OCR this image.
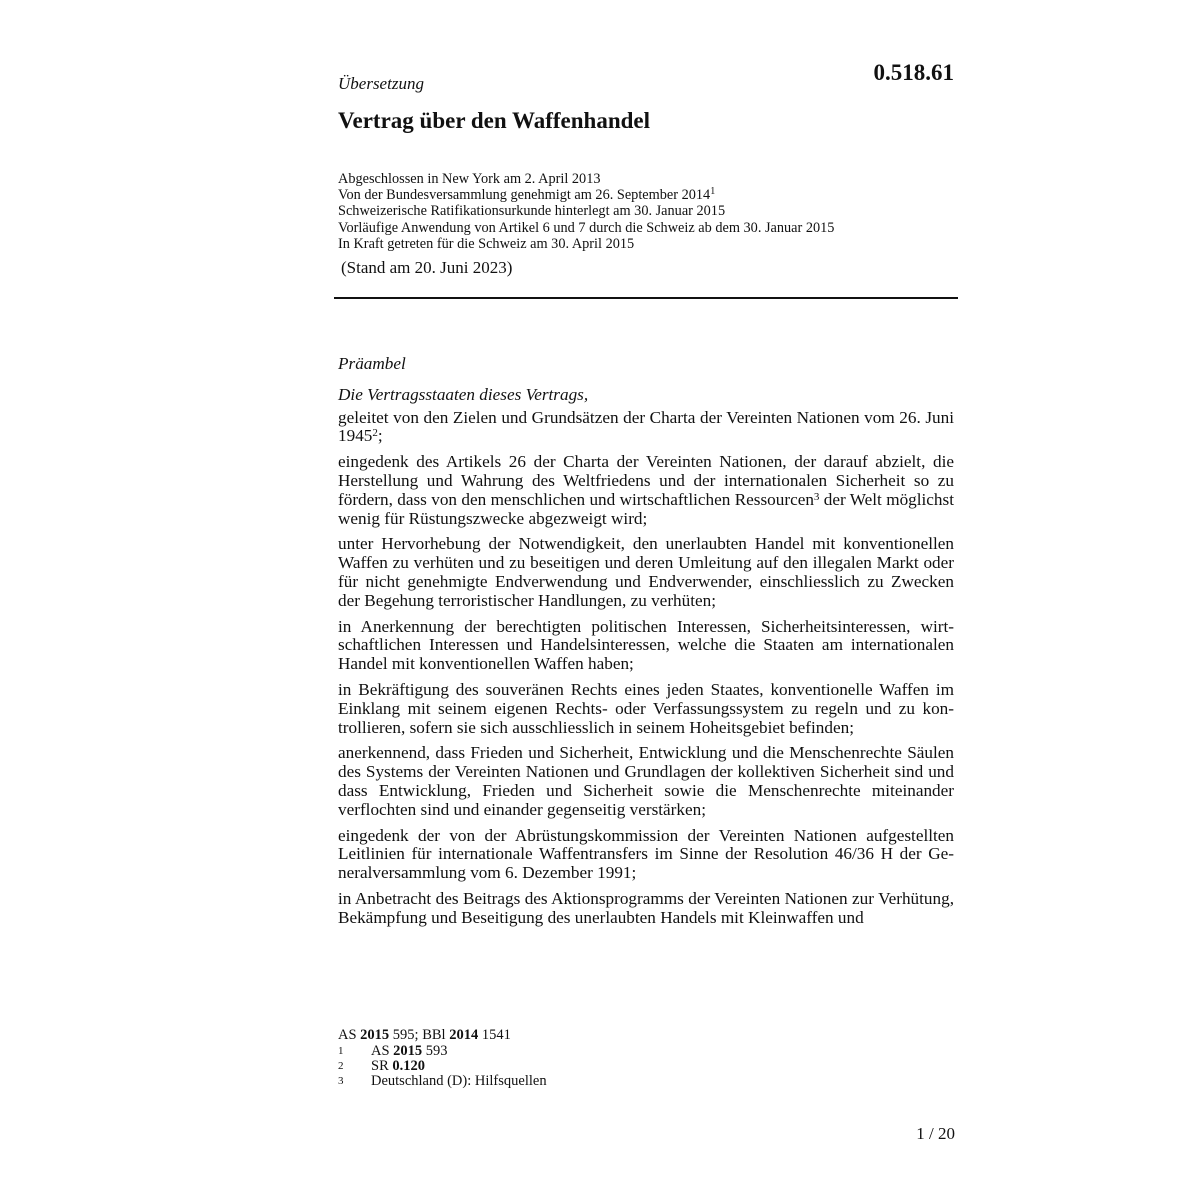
Übersetzung	0.518.61
Vertrag über den Waffenhandel
Abgeschlossen in New York am 2. April 2013
Von der Bundesversammlung genehmigt am 26. September 2014$^1$
Schweizerische Ratifikationsurkunde hinterlegt am 30. Januar 2015
Vorläufige Anwendung von Artikel 6 und 7 durch die Schweiz ab dem 30. Januar 2015
In Kraft getreten für die Schweiz am 30. April 2015
(Stand am 20. Juni 2023)
Präambel
Die Vertragsstaaten dieses Vertrags,

geleitet von den Zielen und Grundsätzen der Charta der Vereinten Nationen vom 26. Juni 1945$^2$;

eingedenk des Artikels 26 der Charta der Vereinten Nationen, der darauf abzielt, die Herstellung und Wahrung des Weltfriedens und der internationalen Sicherheit so zu fördern, dass von den menschlichen und wirtschaftlichen Ressourcen$^3$ der Welt möglichst wenig für Rüstungszwecke abgezweigt wird;

unter Hervorhebung der Notwendigkeit, den unerlaubten Handel mit konventionellen Waffen zu verhüten und zu beseitigen und deren Umleitung auf den illegalen Markt oder für nicht genehmigte Endverwendung und Endverwender, einschliesslich zu Zwecken der Begehung terroristischer Handlungen, zu verhüten;

in Anerkennung der berechtigten politischen Interessen, Sicherheitsinteressen, wirtschaftlichen Interessen und Handelsinteressen, welche die Staaten am internationalen Handel mit konventionellen Waffen haben;

in Bekräftigung des souveränen Rechts eines jeden Staates, konventionelle Waffen im Einklang mit seinem eigenen Rechts- oder Verfassungssystem zu regeln und zu kontrollieren, sofern sie sich ausschliesslich in seinem Hoheitsgebiet befinden;

anerkennend, dass Frieden und Sicherheit, Entwicklung und die Menschenrechte Säulen des Systems der Vereinten Nationen und Grundlagen der kollektiven Sicherheit sind und dass Entwicklung, Frieden und Sicherheit sowie die Menschenrechte miteinander verflochten sind und einander gegenseitig verstärken;

eingedenk der von der Abrüstungskommission der Vereinten Nationen aufgestellten Leitlinien für internationale Waffentransfers im Sinne der Resolution 46/36 H der Generalversammlung vom 6. Dezember 1991;

in Anbetracht des Beitrags des Aktionsprogramms der Vereinten Nationen zur Verhütung, Bekämpfung und Beseitigung des unerlaubten Handels mit Kleinwaffen und

AS 2015 595; BBl 2014 1541
1	AS 2015 593
2	SR 0.120
3	Deutschland (D): Hilfsquellen
1 / 20
